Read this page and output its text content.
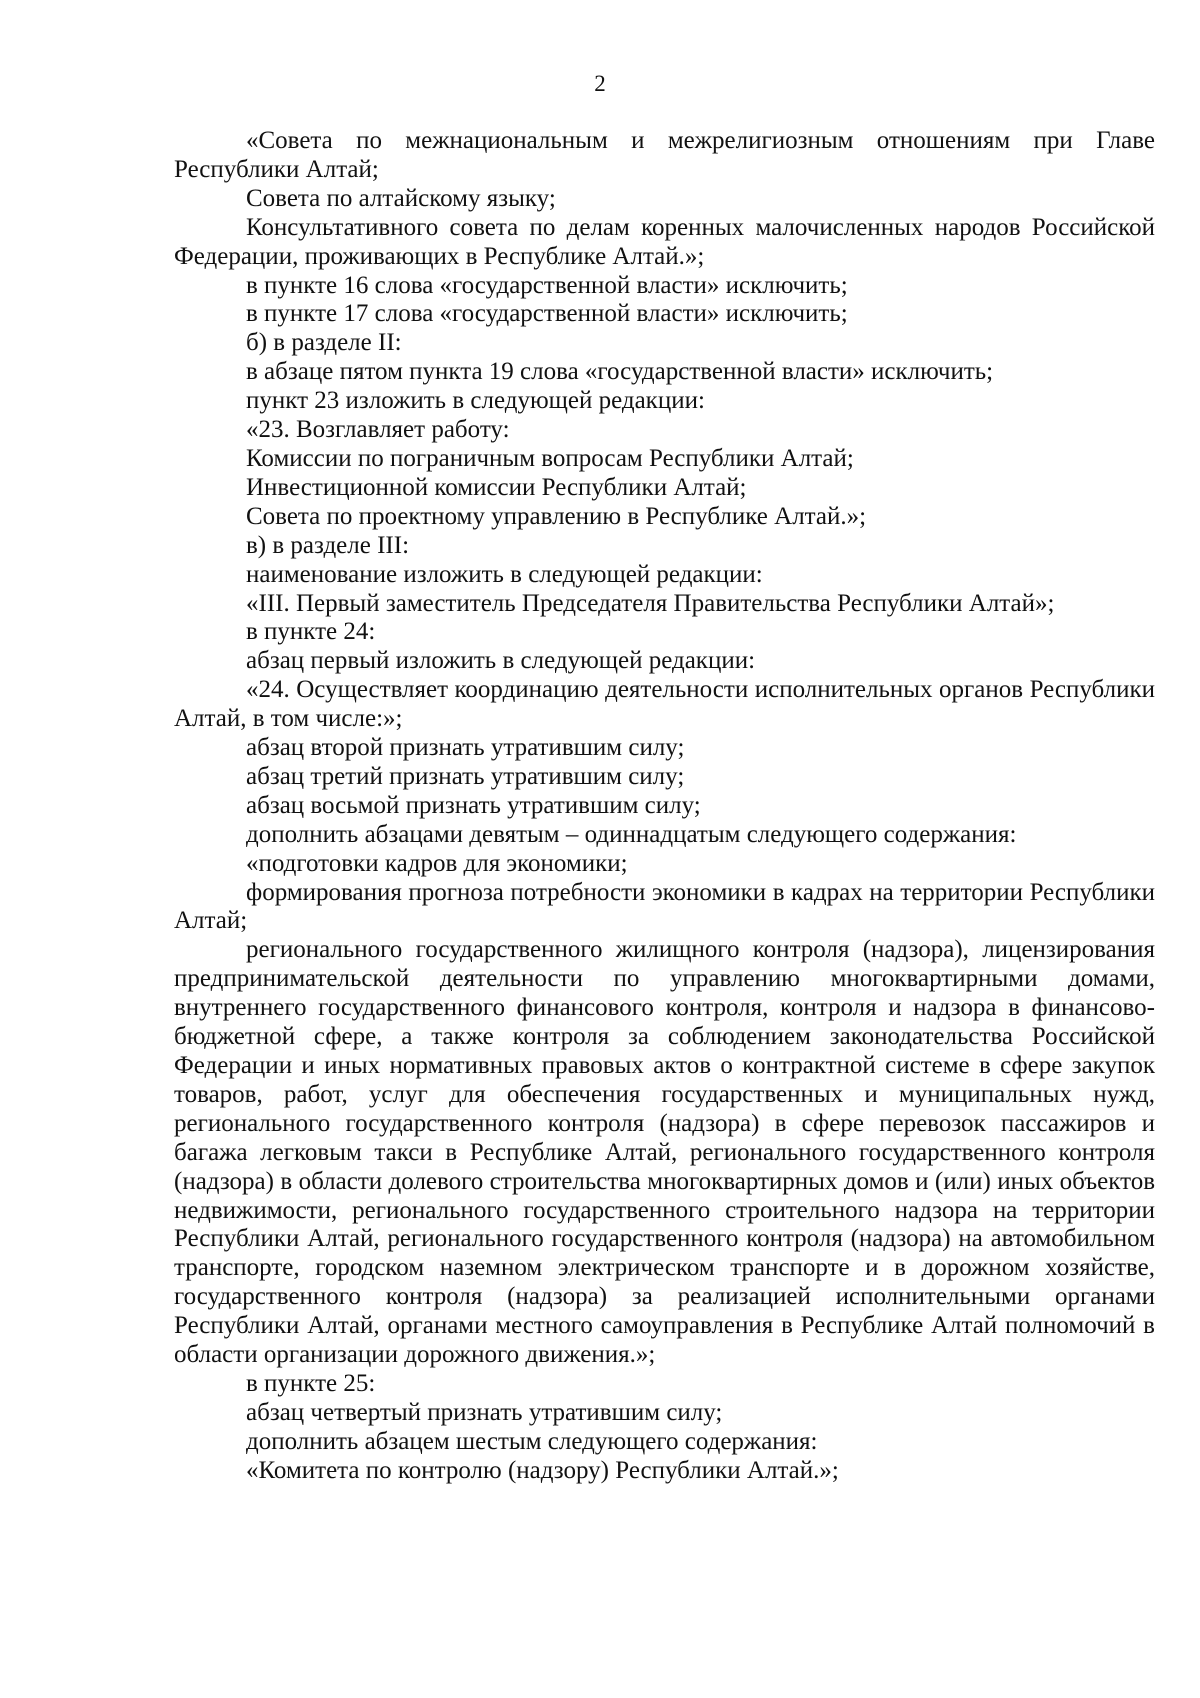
2

«Совета по межнациональным и межрелигиозным отношениям при Главе Республики Алтай;

Совета по алтайскому языку;

Консультативного совета по делам коренных малочисленных народов Российской Федерации, проживающих в Республике Алтай.»;

в пункте 16 слова «государственной власти» исключить;

в пункте 17 слова «государственной власти» исключить;

б) в разделе II:

в абзаце пятом пункта 19 слова «государственной власти» исключить;

пункт 23 изложить в следующей редакции:

«23. Возглавляет работу:

Комиссии по пограничным вопросам Республики Алтай;

Инвестиционной комиссии Республики Алтай;

Совета по проектному управлению в Республике Алтай.»;

в) в разделе III:

наименование изложить в следующей редакции:

«III. Первый заместитель Председателя Правительства Республики Алтай»;

в пункте 24:

абзац первый изложить в следующей редакции:

«24. Осуществляет координацию деятельности исполнительных органов Республики Алтай, в том числе:»;

абзац второй признать утратившим силу;

абзац третий признать утратившим силу;

абзац восьмой признать утратившим силу;

дополнить абзацами девятым – одиннадцатым следующего содержания:

«подготовки кадров для экономики;

формирования прогноза потребности экономики в кадрах на территории Республики Алтай;

регионального государственного жилищного контроля (надзора), лицензирования предпринимательской деятельности по управлению многоквартирными домами, внутреннего государственного финансового контроля, контроля и надзора в финансово-бюджетной сфере, а также контроля за соблюдением законодательства Российской Федерации и иных нормативных правовых актов о контрактной системе в сфере закупок товаров, работ, услуг для обеспечения государственных и муниципальных нужд, регионального государственного контроля (надзора) в сфере перевозок пассажиров и багажа легковым такси в Республике Алтай, регионального государственного контроля (надзора) в области долевого строительства многоквартирных домов и (или) иных объектов недвижимости, регионального государственного строительного надзора на территории Республики Алтай, регионального государственного контроля (надзора) на автомобильном транспорте, городском наземном электрическом транспорте и в дорожном хозяйстве, государственного контроля (надзора) за реализацией исполнительными органами Республики Алтай, органами местного самоуправления в Республике Алтай полномочий в области организации дорожного движения.»;

в пункте 25:

абзац четвертый признать утратившим силу;

дополнить абзацем шестым следующего содержания:

«Комитета по контролю (надзору) Республики Алтай.»;
